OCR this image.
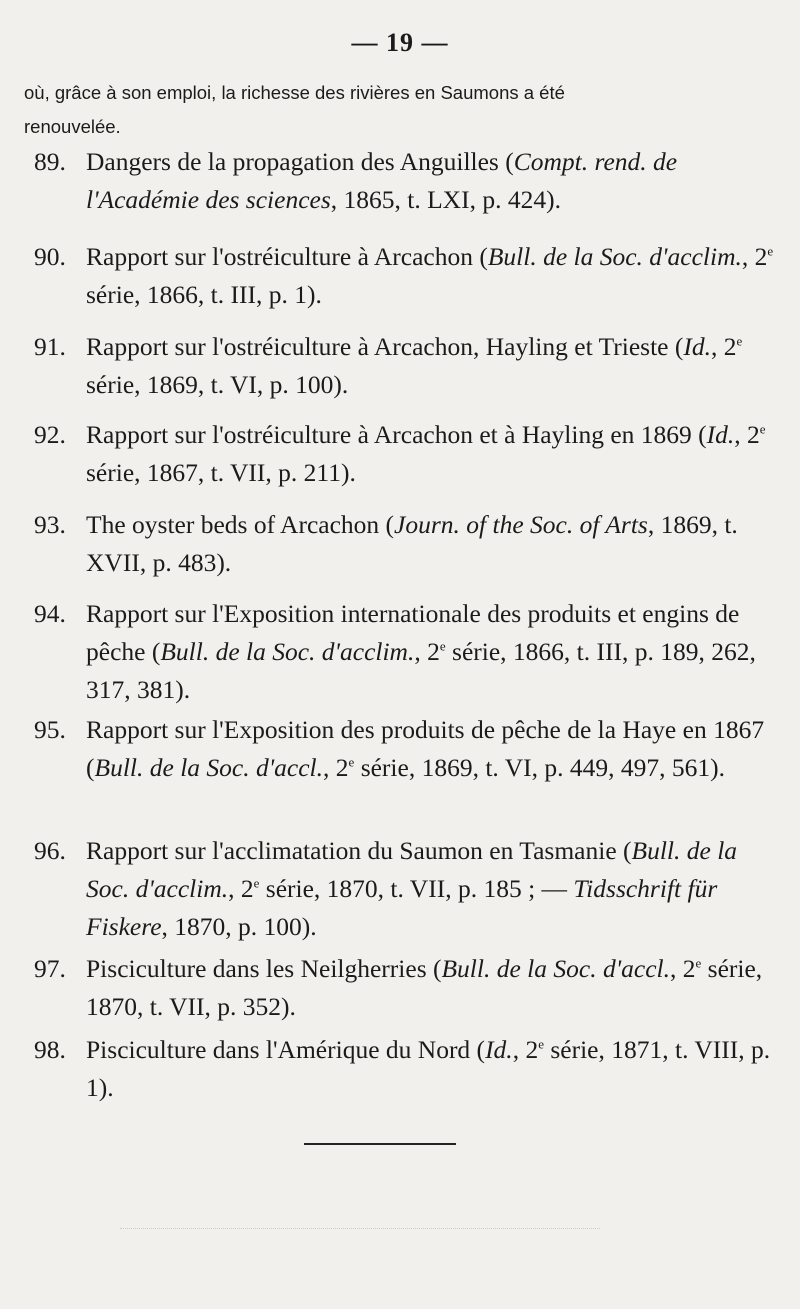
— 19 —
où, grâce à son emploi, la richesse des rivières en Saumons a été
renouvelée.
89. Dangers de la propagation des Anguilles (Compt. rend. de l'Académie des sciences, 1865, t. LXI, p. 424).
90. Rapport sur l'ostréiculture à Arcachon (Bull. de la Soc. d'acclim., 2e série, 1866, t. III, p. 1).
91. Rapport sur l'ostréiculture à Arcachon, Hayling et Trieste (Id., 2e série, 1869, t. VI, p. 100).
92. Rapport sur l'ostréiculture à Arcachon et à Hayling en 1869 (Id., 2e série, 1867, t. VII, p. 211).
93. The oyster beds of Arcachon (Journ. of the Soc. of Arts, 1869, t. XVII, p. 483).
94. Rapport sur l'Exposition internationale des produits et engins de pêche (Bull. de la Soc. d'acclim., 2e série, 1866, t. III, p. 189, 262, 317, 381).
95. Rapport sur l'Exposition des produits de pêche de la Haye en 1867 (Bull. de la Soc. d'accl., 2e série, 1869, t. VI, p. 449, 497, 561).
96. Rapport sur l'acclimatation du Saumon en Tasmanie (Bull. de la Soc. d'acclim., 2e série, 1870, t. VII, p. 185 ; — Tidsschrift für Fiskere, 1870, p. 100).
97. Pisciculture dans les Neilgherries (Bull. de la Soc. d'accl., 2e série, 1870, t. VII, p. 352).
98. Pisciculture dans l'Amérique du Nord (Id., 2e série, 1871, t. VIII, p. 1).
